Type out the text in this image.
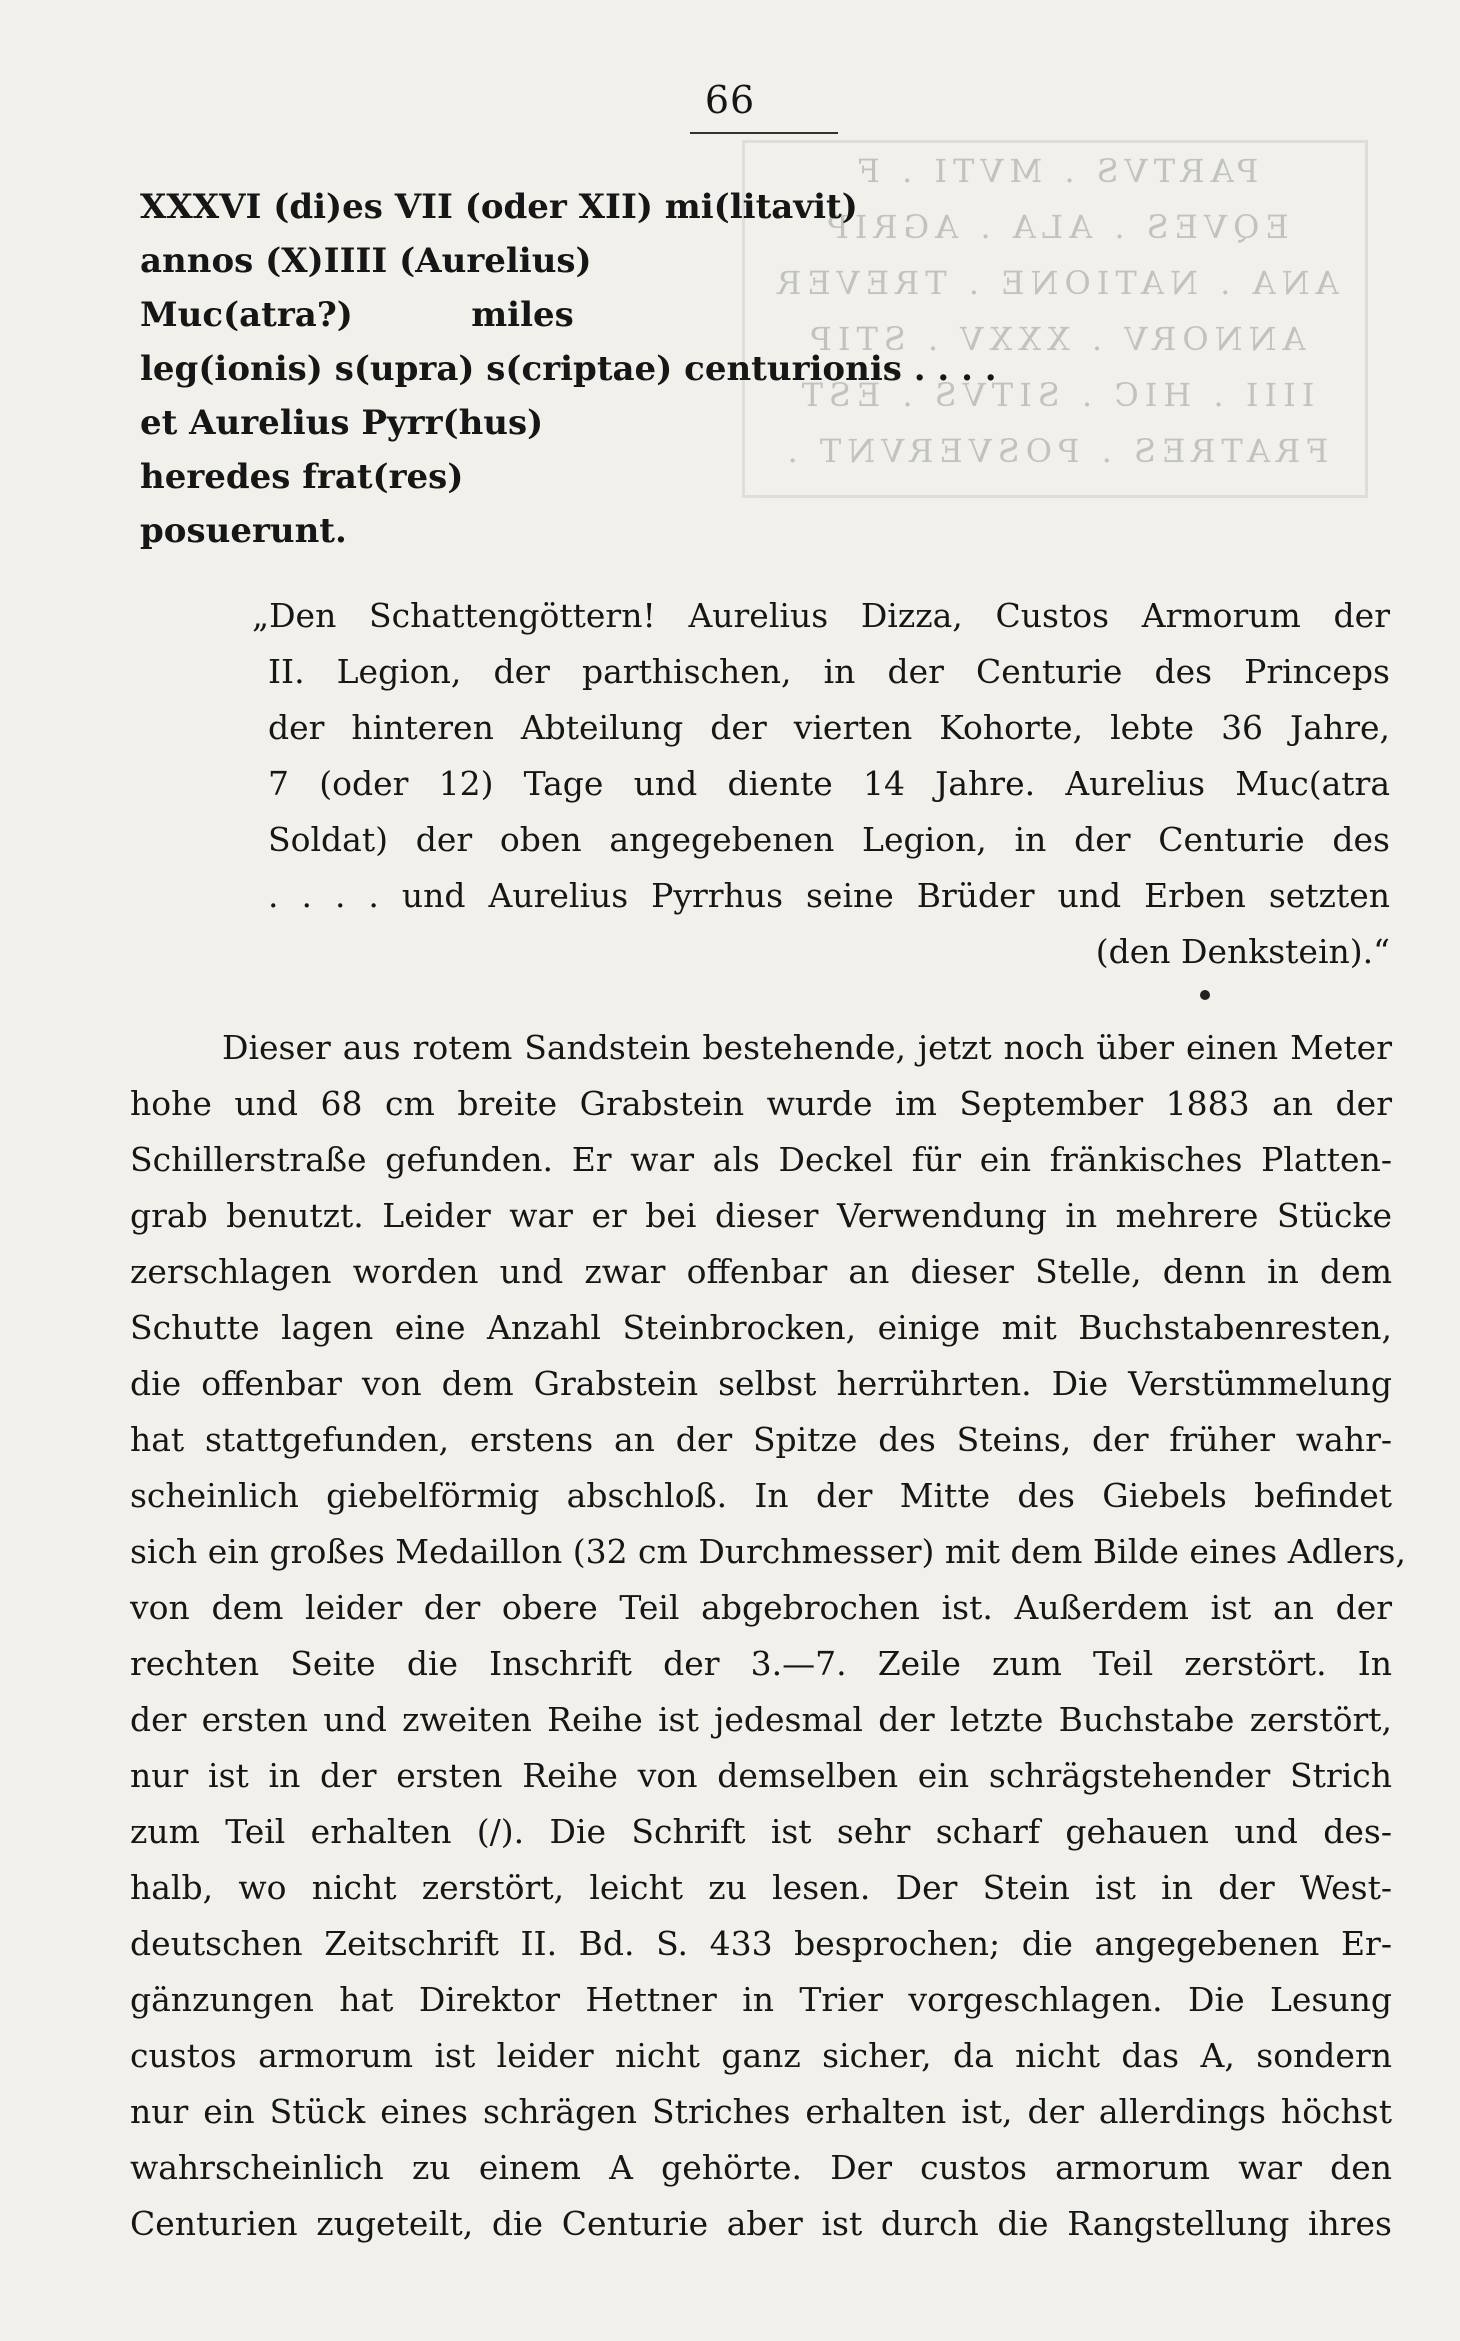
66
PARTVS . MVTI . F
EQVES . ALA . AGRIP
ANA . NATIONE . TREVER
ANNORV . XXXV . STIP
IIII . HIC . SITVS . EST
FRATRES . POSVERVNT .
XXXVI (di)es VII (oder XII) mi(litavit)
annos (X)IIII (Aurelius)
Muc(atra?)          miles
leg(ionis) s(upra) s(criptae) centurionis . . . .
et Aurelius Pyrr(hus)
heredes frat(res)
posuerunt.
„Den Schattengöttern! Aurelius Dizza, Custos Armorum der
II. Legion, der parthischen, in der Centurie des Princeps
der hinteren Abteilung der vierten Kohorte, lebte 36 Jahre,
7 (oder 12) Tage und diente 14 Jahre. Aurelius Muc(atra
Soldat) der oben angegebenen Legion, in der Centurie des
. . . . und Aurelius Pyrrhus seine Brüder und Erben setzten
(den Denkstein).“
Dieser aus rotem Sandstein bestehende, jetzt noch über einen Meter
hohe und 68 cm breite Grabstein wurde im September 1883 an der
Schillerstraße gefunden. Er war als Deckel für ein fränkisches Platten-
grab benutzt. Leider war er bei dieser Verwendung in mehrere Stücke
zerschlagen worden und zwar offenbar an dieser Stelle, denn in dem
Schutte lagen eine Anzahl Steinbrocken, einige mit Buchstabenresten,
die offenbar von dem Grabstein selbst herrührten. Die Verstümmelung
hat stattgefunden, erstens an der Spitze des Steins, der früher wahr-
scheinlich giebelförmig abschloß. In der Mitte des Giebels befindet
sich ein großes Medaillon (32 cm Durchmesser) mit dem Bilde eines Adlers,
von dem leider der obere Teil abgebrochen ist. Außerdem ist an der
rechten Seite die Inschrift der 3.—7. Zeile zum Teil zerstört. In
der ersten und zweiten Reihe ist jedesmal der letzte Buchstabe zerstört,
nur ist in der ersten Reihe von demselben ein schrägstehender Strich
zum Teil erhalten (/). Die Schrift ist sehr scharf gehauen und des-
halb, wo nicht zerstört, leicht zu lesen. Der Stein ist in der West-
deutschen Zeitschrift II. Bd. S. 433 besprochen; die angegebenen Er-
gänzungen hat Direktor Hettner in Trier vorgeschlagen. Die Lesung
custos armorum ist leider nicht ganz sicher, da nicht das A, sondern
nur ein Stück eines schrägen Striches erhalten ist, der allerdings höchst
wahrscheinlich zu einem A gehörte. Der custos armorum war den
Centurien zugeteilt, die Centurie aber ist durch die Rangstellung ihres
